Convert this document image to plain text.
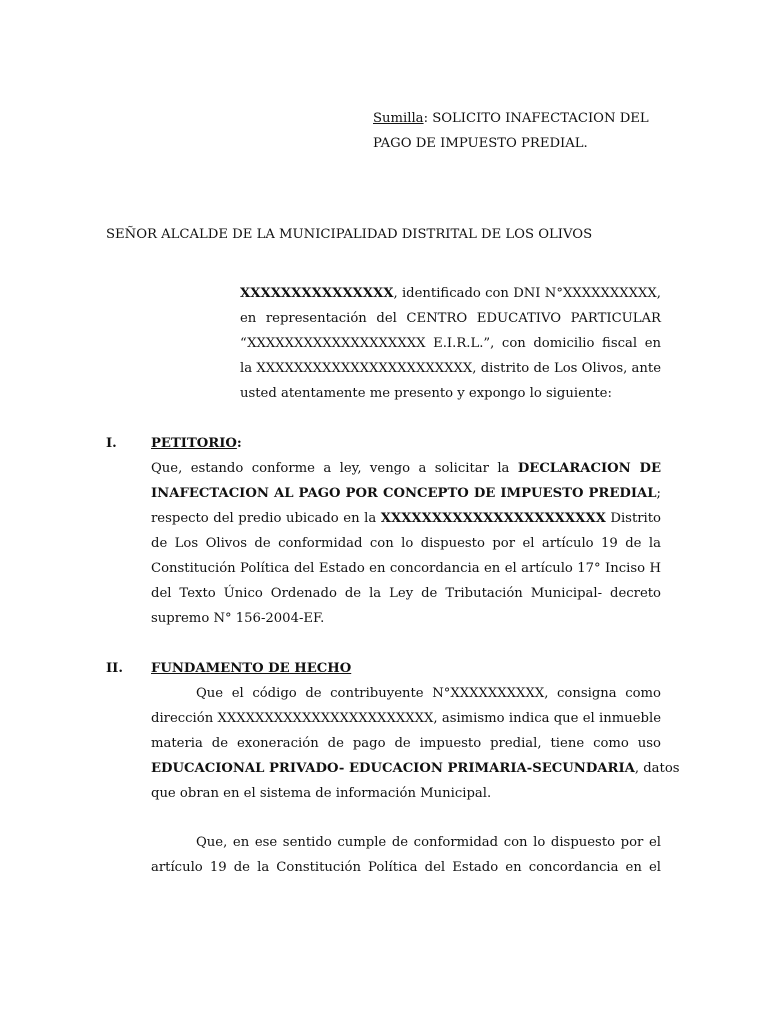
Sumilla: SOLICITO INAFECTACION DEL
PAGO DE IMPUESTO PREDIAL.
SEÑOR ALCALDE DE LA MUNICIPALIDAD DISTRITAL DE LOS OLIVOS
XXXXXXXXXXXXXXX, identificado con DNI N°XXXXXXXXXX,
en representación del CENTRO EDUCATIVO PARTICULAR
“XXXXXXXXXXXXXXXXXXX E.I.R.L.”, con domicilio fiscal en
la XXXXXXXXXXXXXXXXXXXXXXX, distrito de Los Olivos, ante
usted atentamente me presento y expongo lo siguiente:
I.	PETITORIO:
Que, estando conforme a ley, vengo a solicitar la DECLARACION DE
INAFECTACION AL PAGO POR CONCEPTO DE IMPUESTO PREDIAL;
respecto del predio ubicado en la XXXXXXXXXXXXXXXXXXXXXX Distrito
de Los Olivos de conformidad con lo dispuesto por el artículo 19 de la
Constitución Política del Estado en concordancia en el artículo 17° Inciso H
del Texto Único Ordenado de la Ley de Tributación Municipal- decreto
supremo N° 156-2004-EF.
II. FUNDAMENTO DE HECHO
Que el código de contribuyente N°XXXXXXXXXX, consigna como
dirección XXXXXXXXXXXXXXXXXXXXXXX, asimismo indica que el inmueble
materia de exoneración de pago de impuesto predial, tiene como uso
EDUCACIONAL PRIVADO- EDUCACION PRIMARIA-SECUNDARIA, datos
que obran en el sistema de información Municipal.
Que, en ese sentido cumple de conformidad con lo dispuesto por el
artículo 19 de la Constitución Política del Estado en concordancia en el
